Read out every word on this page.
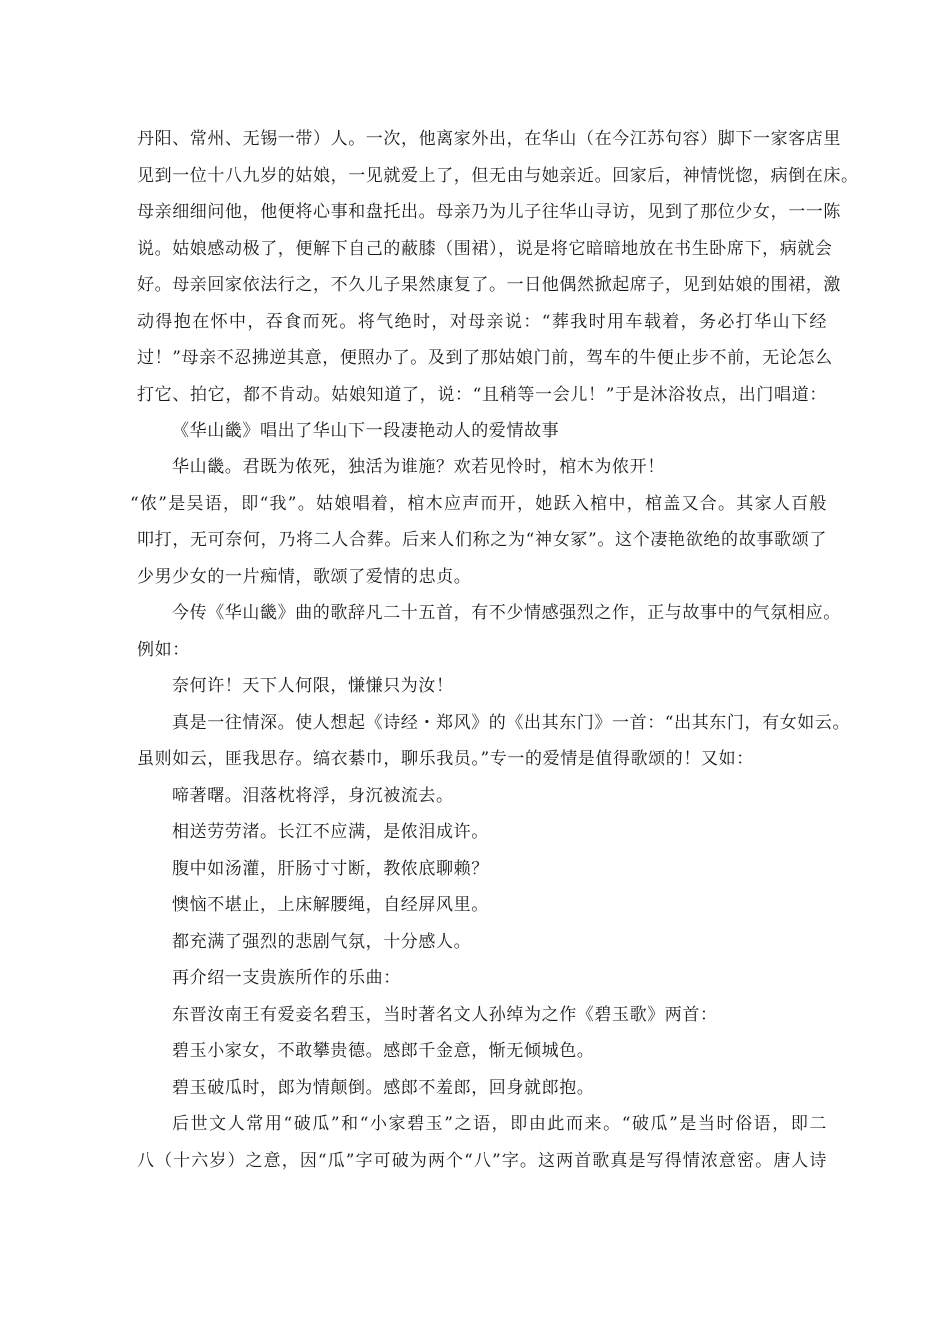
丹阳、常州、无锡一带）人。一次，他离家外出，在华山（在今江苏句容）脚下一家客店里
见到一位十八九岁的姑娘，一见就爱上了，但无由与她亲近。回家后，神情恍惚，病倒在床。
母亲细细问他，他便将心事和盘托出。母亲乃为儿子往华山寻访，见到了那位少女，一一陈
说。姑娘感动极了，便解下自己的蔽膝（围裙），说是将它暗暗地放在书生卧席下，病就会
好。母亲回家依法行之，不久儿子果然康复了。一日他偶然掀起席子，见到姑娘的围裙，激
动得抱在怀中，吞食而死。将气绝时，对母亲说：“葬我时用车载着，务必打华山下经
过！”母亲不忍拂逆其意，便照办了。及到了那姑娘门前，驾车的牛便止步不前，无论怎么
打它、拍它，都不肯动。姑娘知道了，说：“且稍等一会儿！”于是沐浴妆点，出门唱道：
《华山畿》唱出了华山下一段凄艳动人的爱情故事
华山畿。君既为侬死，独活为谁施？欢若见怜时，棺木为侬开！
“侬”是吴语，即“我”。姑娘唱着，棺木应声而开，她跃入棺中，棺盖又合。其家人百般
叩打，无可奈何，乃将二人合葬。后来人们称之为“神女冢”。这个凄艳欲绝的故事歌颂了
少男少女的一片痴情，歌颂了爱情的忠贞。
今传《华山畿》曲的歌辞凡二十五首，有不少情感强烈之作，正与故事中的气氛相应。
例如：
奈何许！天下人何限，慊慊只为汝！
真是一往情深。使人想起《诗经・郑风》的《出其东门》一首：“出其东门，有女如云。
虽则如云，匪我思存。缟衣綦巾，聊乐我员。”专一的爱情是值得歌颂的！又如：
啼著曙。泪落枕将浮，身沉被流去。
相送劳劳渚。长江不应满，是侬泪成许。
腹中如汤灌，肝肠寸寸断，教侬底聊赖？
懊恼不堪止，上床解腰绳，自经屏风里。
都充满了强烈的悲剧气氛，十分感人。
再介绍一支贵族所作的乐曲：
东晋汝南王有爱妾名碧玉，当时著名文人孙绰为之作《碧玉歌》两首：
碧玉小家女，不敢攀贵德。感郎千金意，惭无倾城色。
碧玉破瓜时，郎为情颠倒。感郎不羞郎，回身就郎抱。
后世文人常用“破瓜”和“小家碧玉”之语，即由此而来。“破瓜”是当时俗语，即二
八（十六岁）之意，因“瓜”字可破为两个“八”字。这两首歌真是写得情浓意密。唐人诗
